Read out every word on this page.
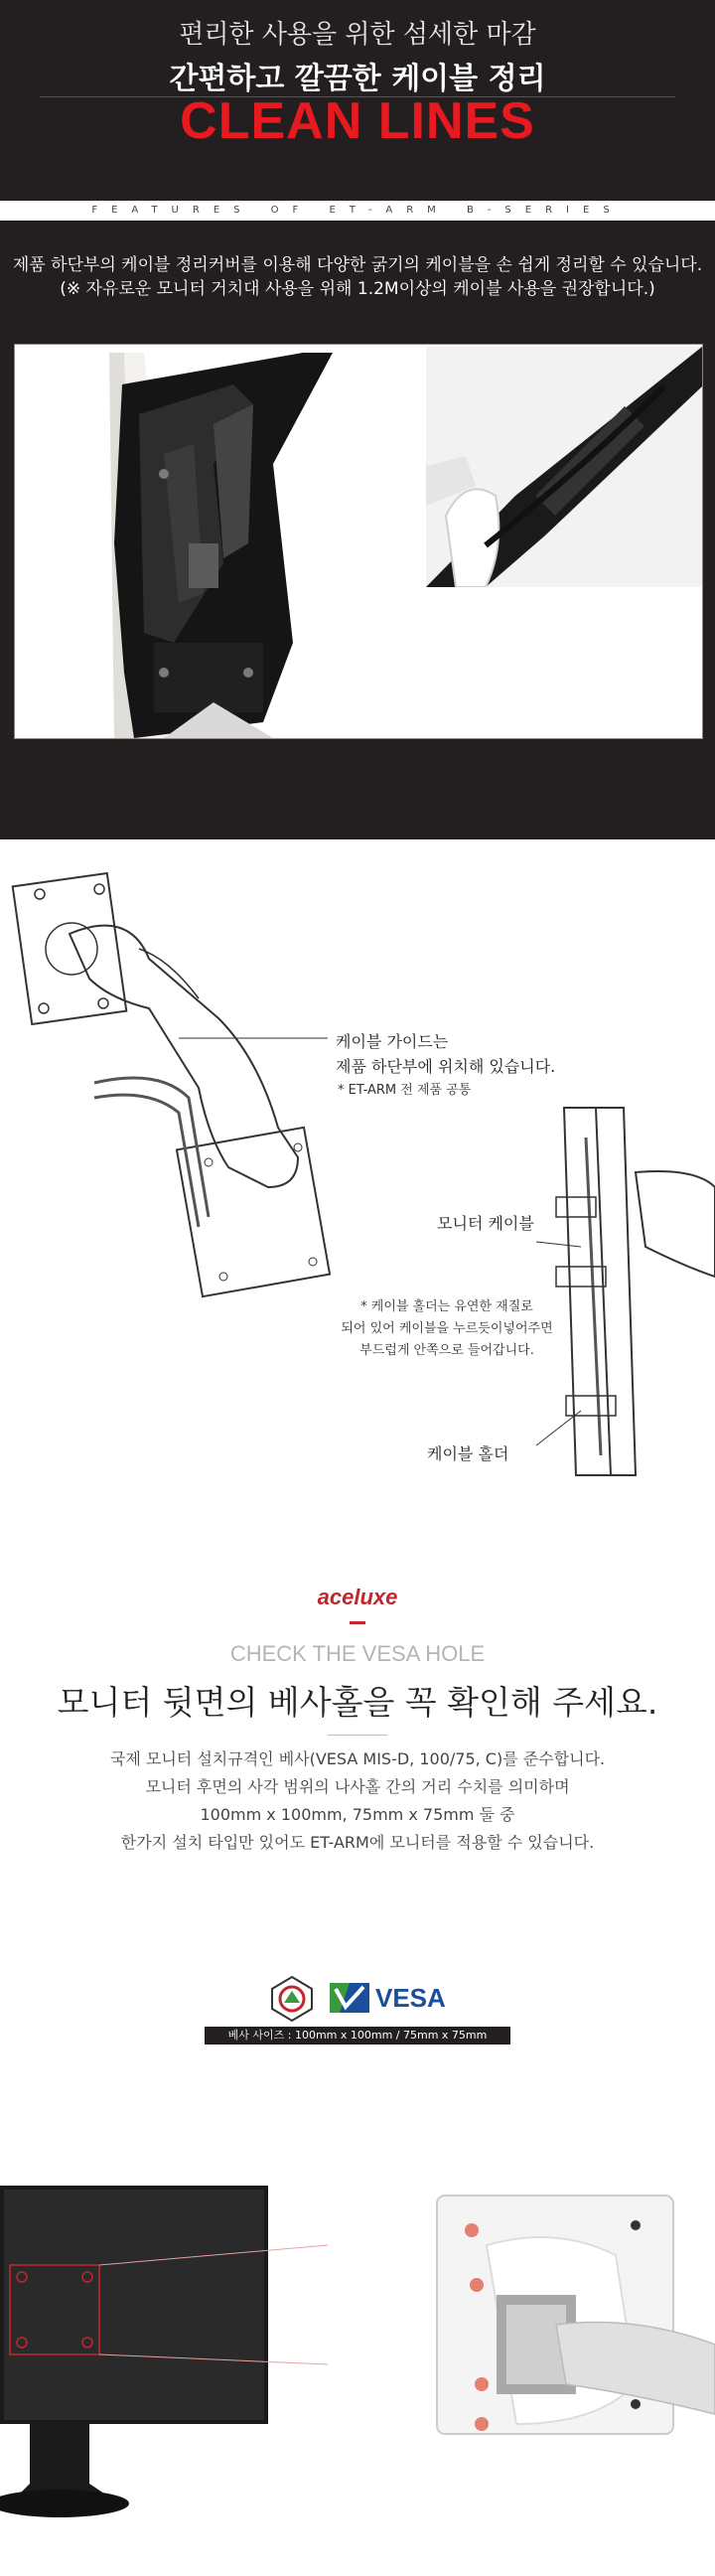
편리한 사용을 위한 섬세한 마감
간편하고 깔끔한 케이블 정리
CLEAN LINES
FEATURES OF ET-ARM B-SERIES
제품 하단부의 케이블 정리커버를 이용해 다양한 굵기의 케이블을 손 쉽게 정리할 수 있습니다.
(※ 자유로운 모니터 거치대 사용을 위해 1.2M이상의 케이블 사용을 권장합니다.)
케이블 가이드는
제품 하단부에 위치해 있습니다.
* ET-ARM 전 제품 공통
모니터 케이블
* 케이블 홀더는 유연한 재질로
되어 있어 케이블을 누르듯이넣어주면
부드럽게 안쪽으로 들어갑니다.
케이블 홀더
aceluxe
CHECK THE VESA HOLE
모니터 뒷면의 베사홀을 꼭 확인해 주세요.
국제 모니터 설치규격인 베사(VESA MIS-D, 100/75, C)를 준수합니다.
모니터 후면의 사각 범위의 나사홀 간의 거리 수치를 의미하며
100mm x 100mm, 75mm x 75mm 둘 중
한가지 설치 타입만 있어도 ET-ARM에 모니터를 적용할 수 있습니다.
VESA
베사 사이즈 : 100mm x 100mm / 75mm x 75mm
